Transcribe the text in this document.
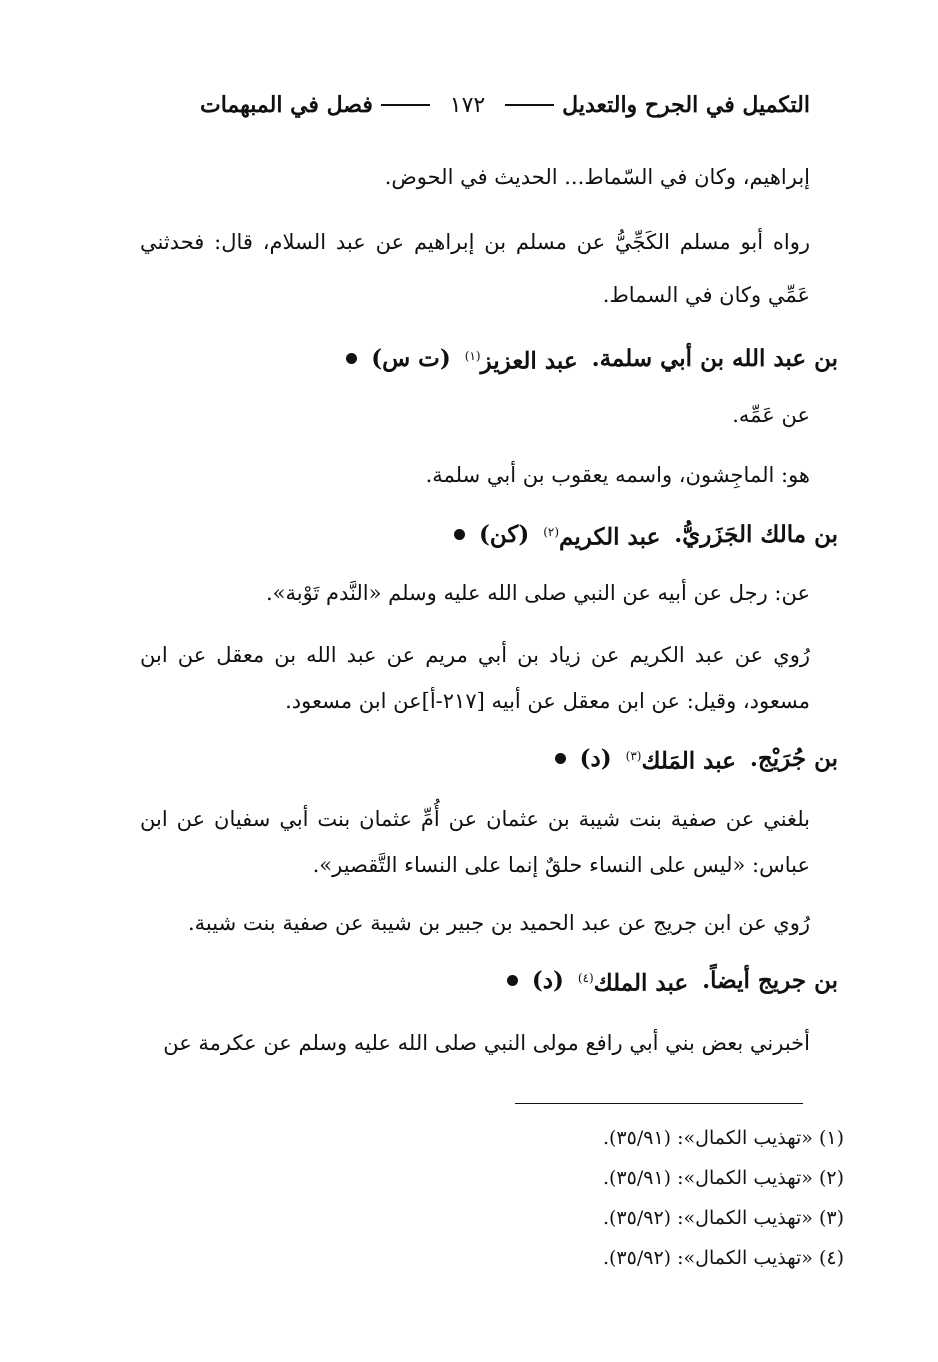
التكميل في الجرح والتعديل
١٧٢
فصل في المبهمات
إبراهيم، وكان في السّماط... الحديث في الحوض.
رواه أبو مسلم الكَجِّيُّ عن مسلم بن إبراهيم عن عبد السلام، قال: فحدثني
عَمِّي وكان في السماط.
(ت س)	عبد العزيز$^{(١)}$	بن عبد الله بن أبي سلمة.
عن عَمِّه.
هو: الماجِشون، واسمه يعقوب بن أبي سلمة.
(كن)	عبد الكريم$^{(٢)}$	بن مالك الجَزَريُّ.
عن: رجل عن أبيه عن النبي صلى الله عليه وسلم «النَّدم تَوْبة».
رُوي عن عبد الكريم عن زياد بن أبي مريم عن عبد الله بن معقل عن ابن
مسعود، وقيل: عن ابن معقل عن أبيه [٢١٧-أ]عن ابن مسعود.
(د)	عبد المَلك$^{(٣)}$	بن جُرَيْج.
بلغني عن صفية بنت شيبة بن عثمان عن أُمِّ عثمان بنت أبي سفيان عن ابن
عباس: «ليس على النساء حلقٌ إنما على النساء التَّقصير».
رُوي عن ابن جريج عن عبد الحميد بن جبير بن شيبة عن صفية بنت شيبة.
(د)	عبد الملك$^{(٤)}$	بن جريج أيضاً.
أخبرني بعض بني أبي رافع مولى النبي صلى الله عليه وسلم عن عكرمة عن
(١) «تهذيب الكمال»: (٣٥/٩١).
(٢) «تهذيب الكمال»: (٣٥/٩١).
(٣) «تهذيب الكمال»: (٣٥/٩٢).
(٤) «تهذيب الكمال»: (٣٥/٩٢).
